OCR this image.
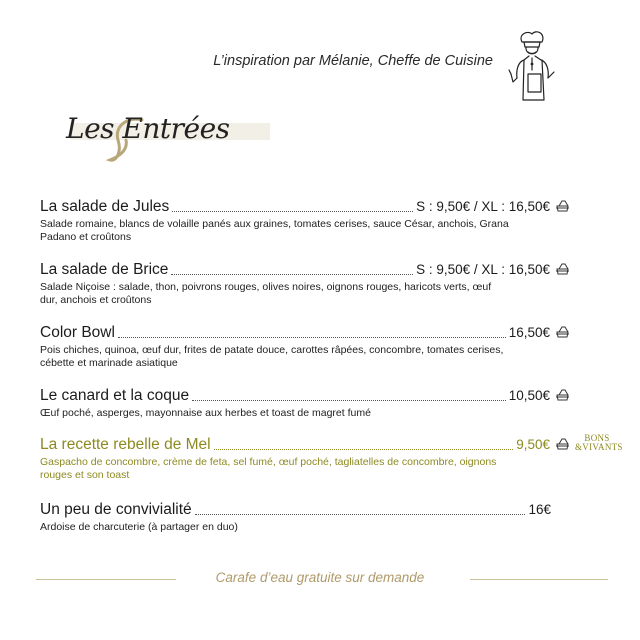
L’inspiration par Mélanie, Cheffe de Cuisine
Les Entrées
La salade de Jules	S : 9,50€ / XL : 16,50€
Salade romaine, blancs de volaille panés aux graines, tomates cerises, sauce César, anchois, Grana Padano et croûtons
La salade de Brice	S : 9,50€ / XL : 16,50€
Salade Niçoise : salade, thon, poivrons rouges, olives noires, oignons rouges, haricots verts, œuf dur, anchois et croûtons
Color Bowl	16,50€
Pois chiches, quinoa, œuf dur, frites de patate douce, carottes râpées, concombre, tomates cerises, cébette et marinade asiatique
Le canard et la coque	10,50€
Œuf poché, asperges, mayonnaise aux herbes et toast de magret fumé
La recette rebelle de Mel	9,50€
Gaspacho de concombre, crème de feta, sel fumé, œuf poché, tagliatelles de concombre, oignons rouges et son toast
BONS
&VIVANTS
Un peu de convivialité	16€
Ardoise de charcuterie (à partager en duo)
Carafe d’eau gratuite sur demande
